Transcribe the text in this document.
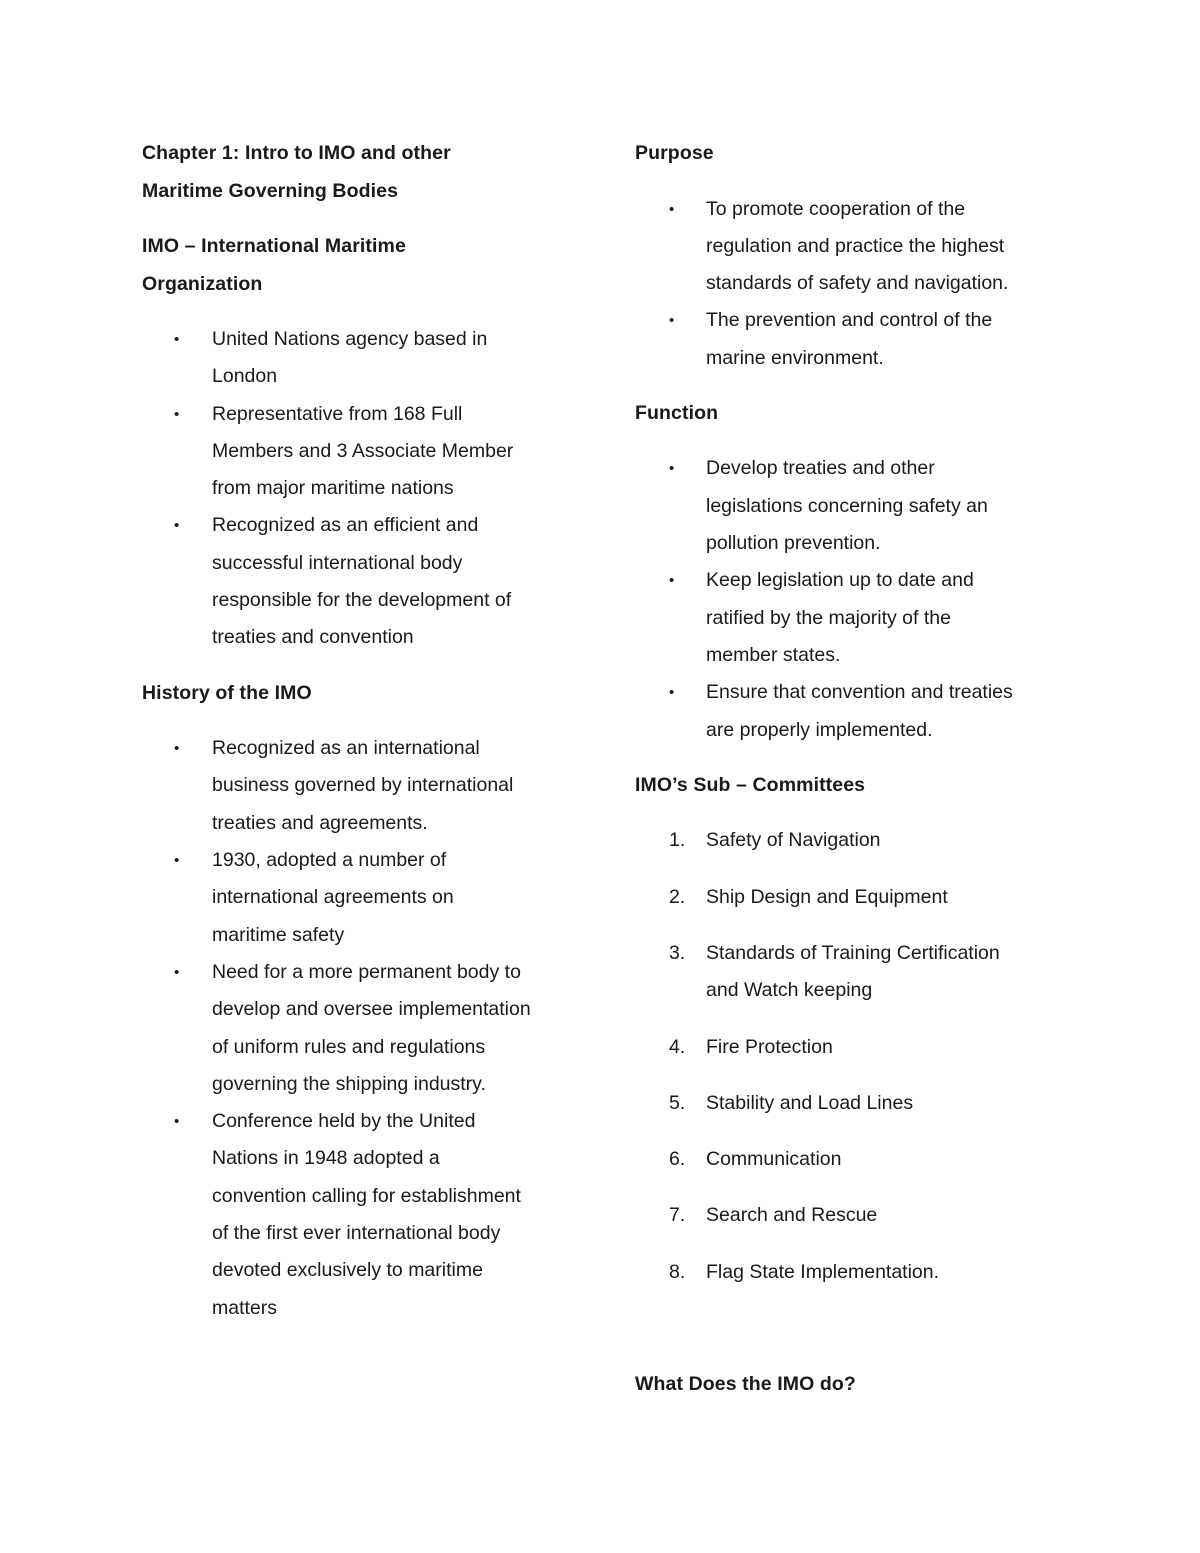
Chapter 1: Intro to IMO and other

Maritime Governing Bodies

IMO – International Maritime

Organization

• United Nations agency based in
London
• Representative from 168 Full
Members and 3 Associate Member
from major maritime nations
• Recognized as an efficient and
successful international body
responsible for the development of
treaties and convention

History of the IMO

• Recognized as an international
business governed by international
treaties and agreements.
• 1930, adopted a number of
international agreements on
maritime safety
• Need for a more permanent body to
develop and oversee implementation
of uniform rules and regulations
governing the shipping industry.
• Conference held by the United
Nations in 1948 adopted a
convention calling for establishment
of the first ever international body
devoted exclusively to maritime
matters

Purpose

• To promote cooperation of the
regulation and practice the highest
standards of safety and navigation.
• The prevention and control of the
marine environment.

Function

• Develop treaties and other
legislations concerning safety an
pollution prevention.
• Keep legislation up to date and
ratified by the majority of the
member states.
• Ensure that convention and treaties
are properly implemented.

IMO’s Sub – Committees

1. Safety of Navigation
2. Ship Design and Equipment
3. Standards of Training Certification
and Watch keeping
4. Fire Protection
5. Stability and Load Lines
6. Communication
7. Search and Rescue
8. Flag State Implementation.

What Does the IMO do?
